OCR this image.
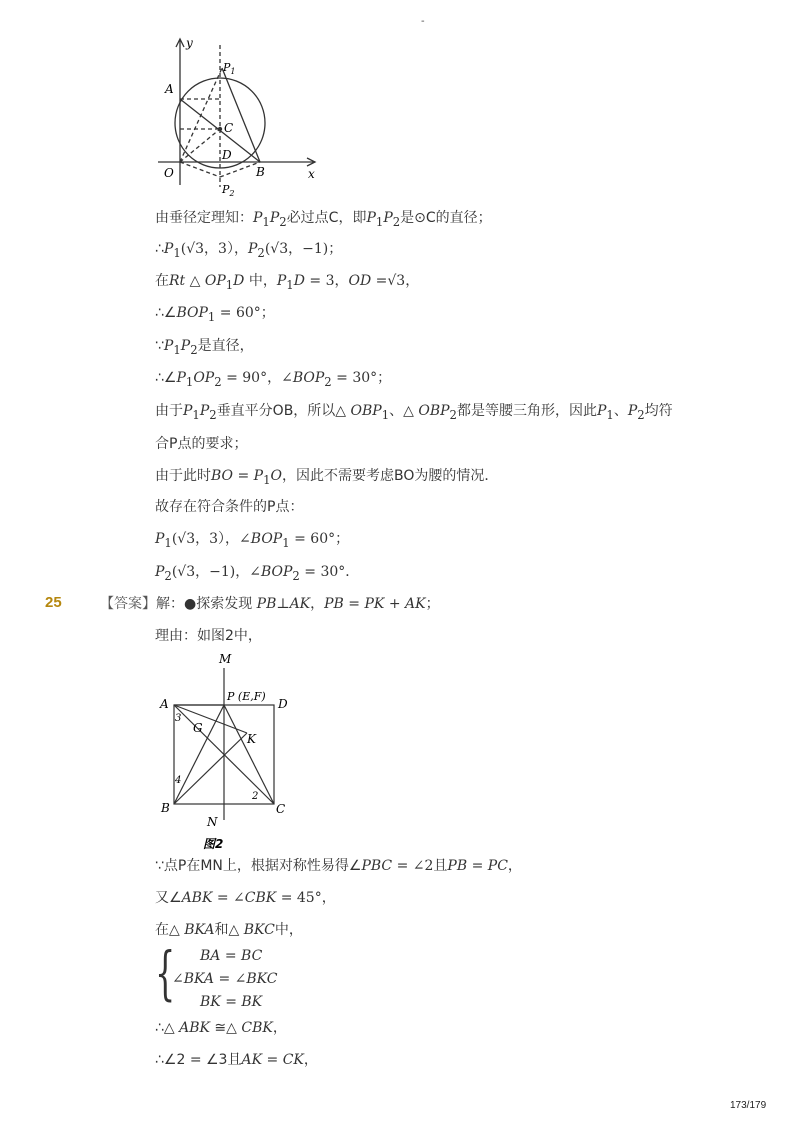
-
y
x
A
O	B
C
D
$P_1$
$P_2$
由垂径定理知：$P_1P_2$必过点C，即$P_1P_2$是⊙C的直径；
$\therefore P_1(√3$，3），$P_2(√3$，−1)；
在Rt △ $OP_1D$ 中，$P_1D = 3$，OD =√3，
$\therefore\angle BOP_1 = 60^\circ$；
$\because P_1P_2$是直径，
$\therefore\angle P_1OP_2 = 90^\circ$，$\angle BOP_2 = 30^\circ$；
由于$P_1P_2$垂直平分OB，所以△ $OBP_1$、△ $OBP_2$都是等腰三角形，因此$P_1$、$P_2$均符
合P点的要求；
由于此时BO = $P_1O$，因此不需要考虑BO为腰的情况．
故存在符合条件的P点：
$P_1(√3$，3），$\angle BOP_1 = 60^\circ$；
$P_2(√3$，−1)，$\angle BOP_2 = 30^\circ$．
25	【答案】解：●探索发现 PB⊥AK，PB = PK + AK；
理由：如图2中，
M
N
A
B	C
D
P (E,F)
G
K
3
4
2
图2
∵点P在MN上，根据对称性易得∠PBC = ∠2且PB = PC，
又∠ABK = ∠CBK = 45°，
在△ BKA和△ BKC中，
{ BA = BC
∠BKA = ∠BKC
BK = BK
∴△ ABK ≅△ CBK，
∴∠2 = ∠3且AK = CK，
173/179
